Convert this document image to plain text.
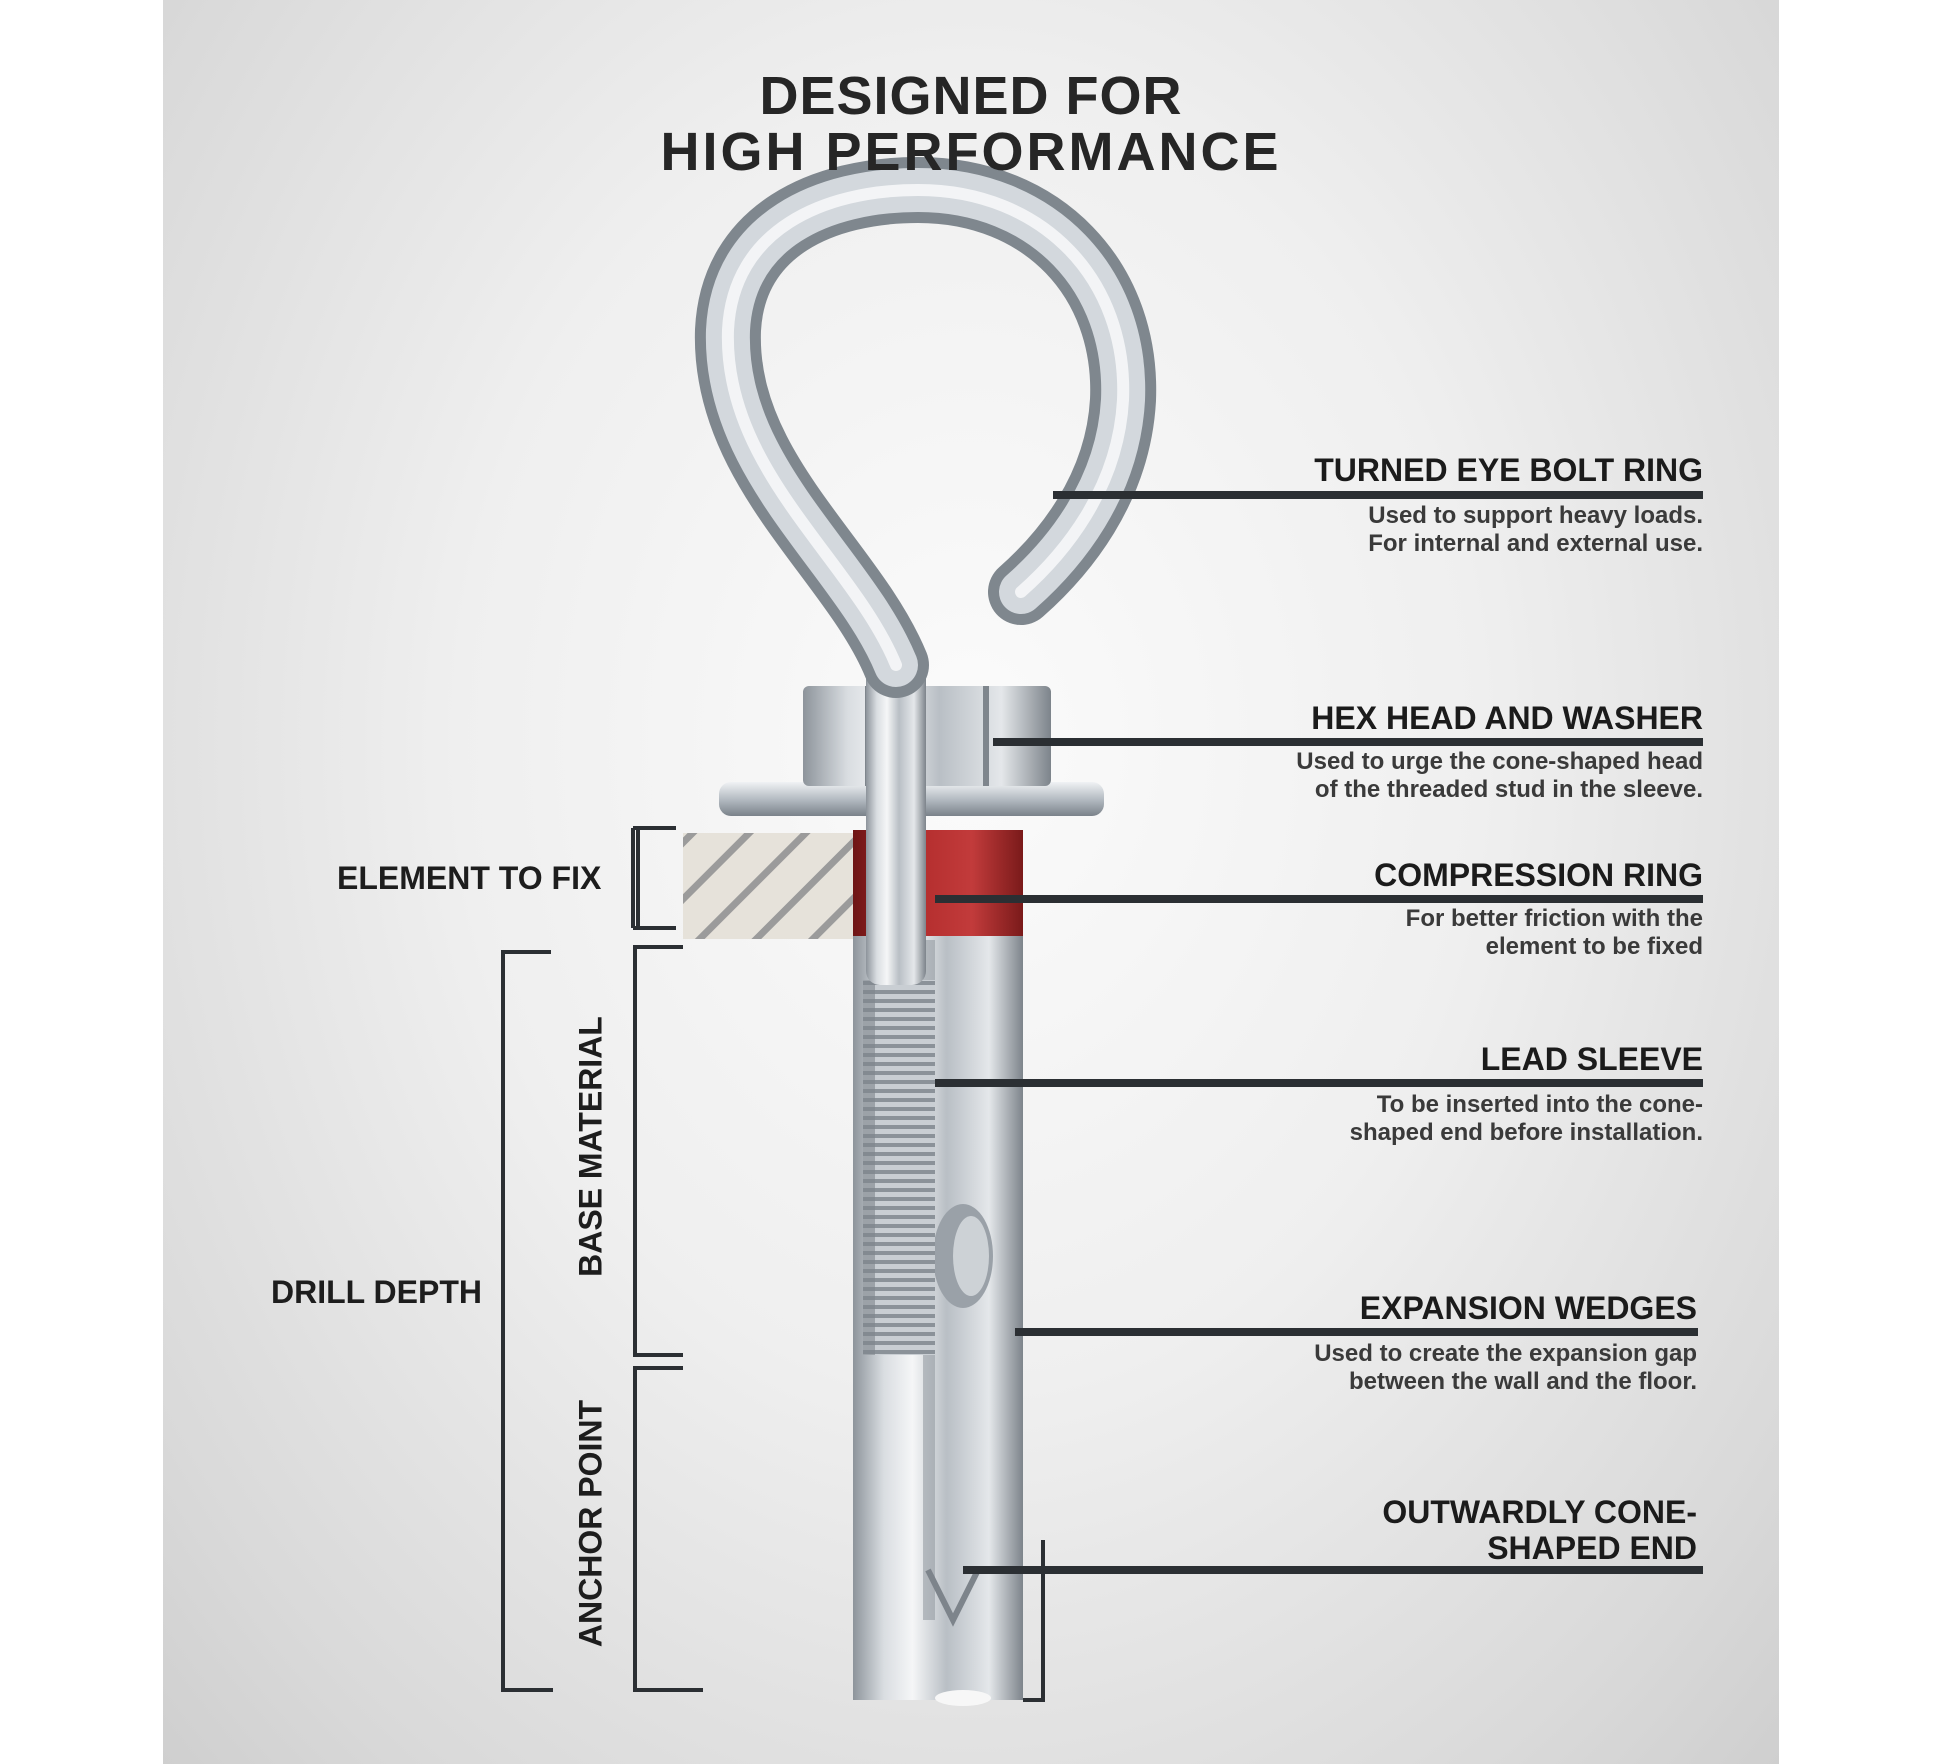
DESIGNED FOR
HIGH PERFORMANCE
TURNED EYE BOLT RING
Used to support heavy loads.
For internal and external use.
HEX HEAD AND WASHER
Used to urge the cone-shaped head
of the threaded stud in the sleeve.
COMPRESSION RING
For better friction with the
element to be fixed
LEAD SLEEVE
To be inserted into the cone-
shaped end before installation.
EXPANSION WEDGES
Used to create the expansion gap
between the wall and the floor.
OUTWARDLY CONE-
SHAPED END
ELEMENT TO FIX
DRILL DEPTH
BASE MATERIAL
ANCHOR POINT
